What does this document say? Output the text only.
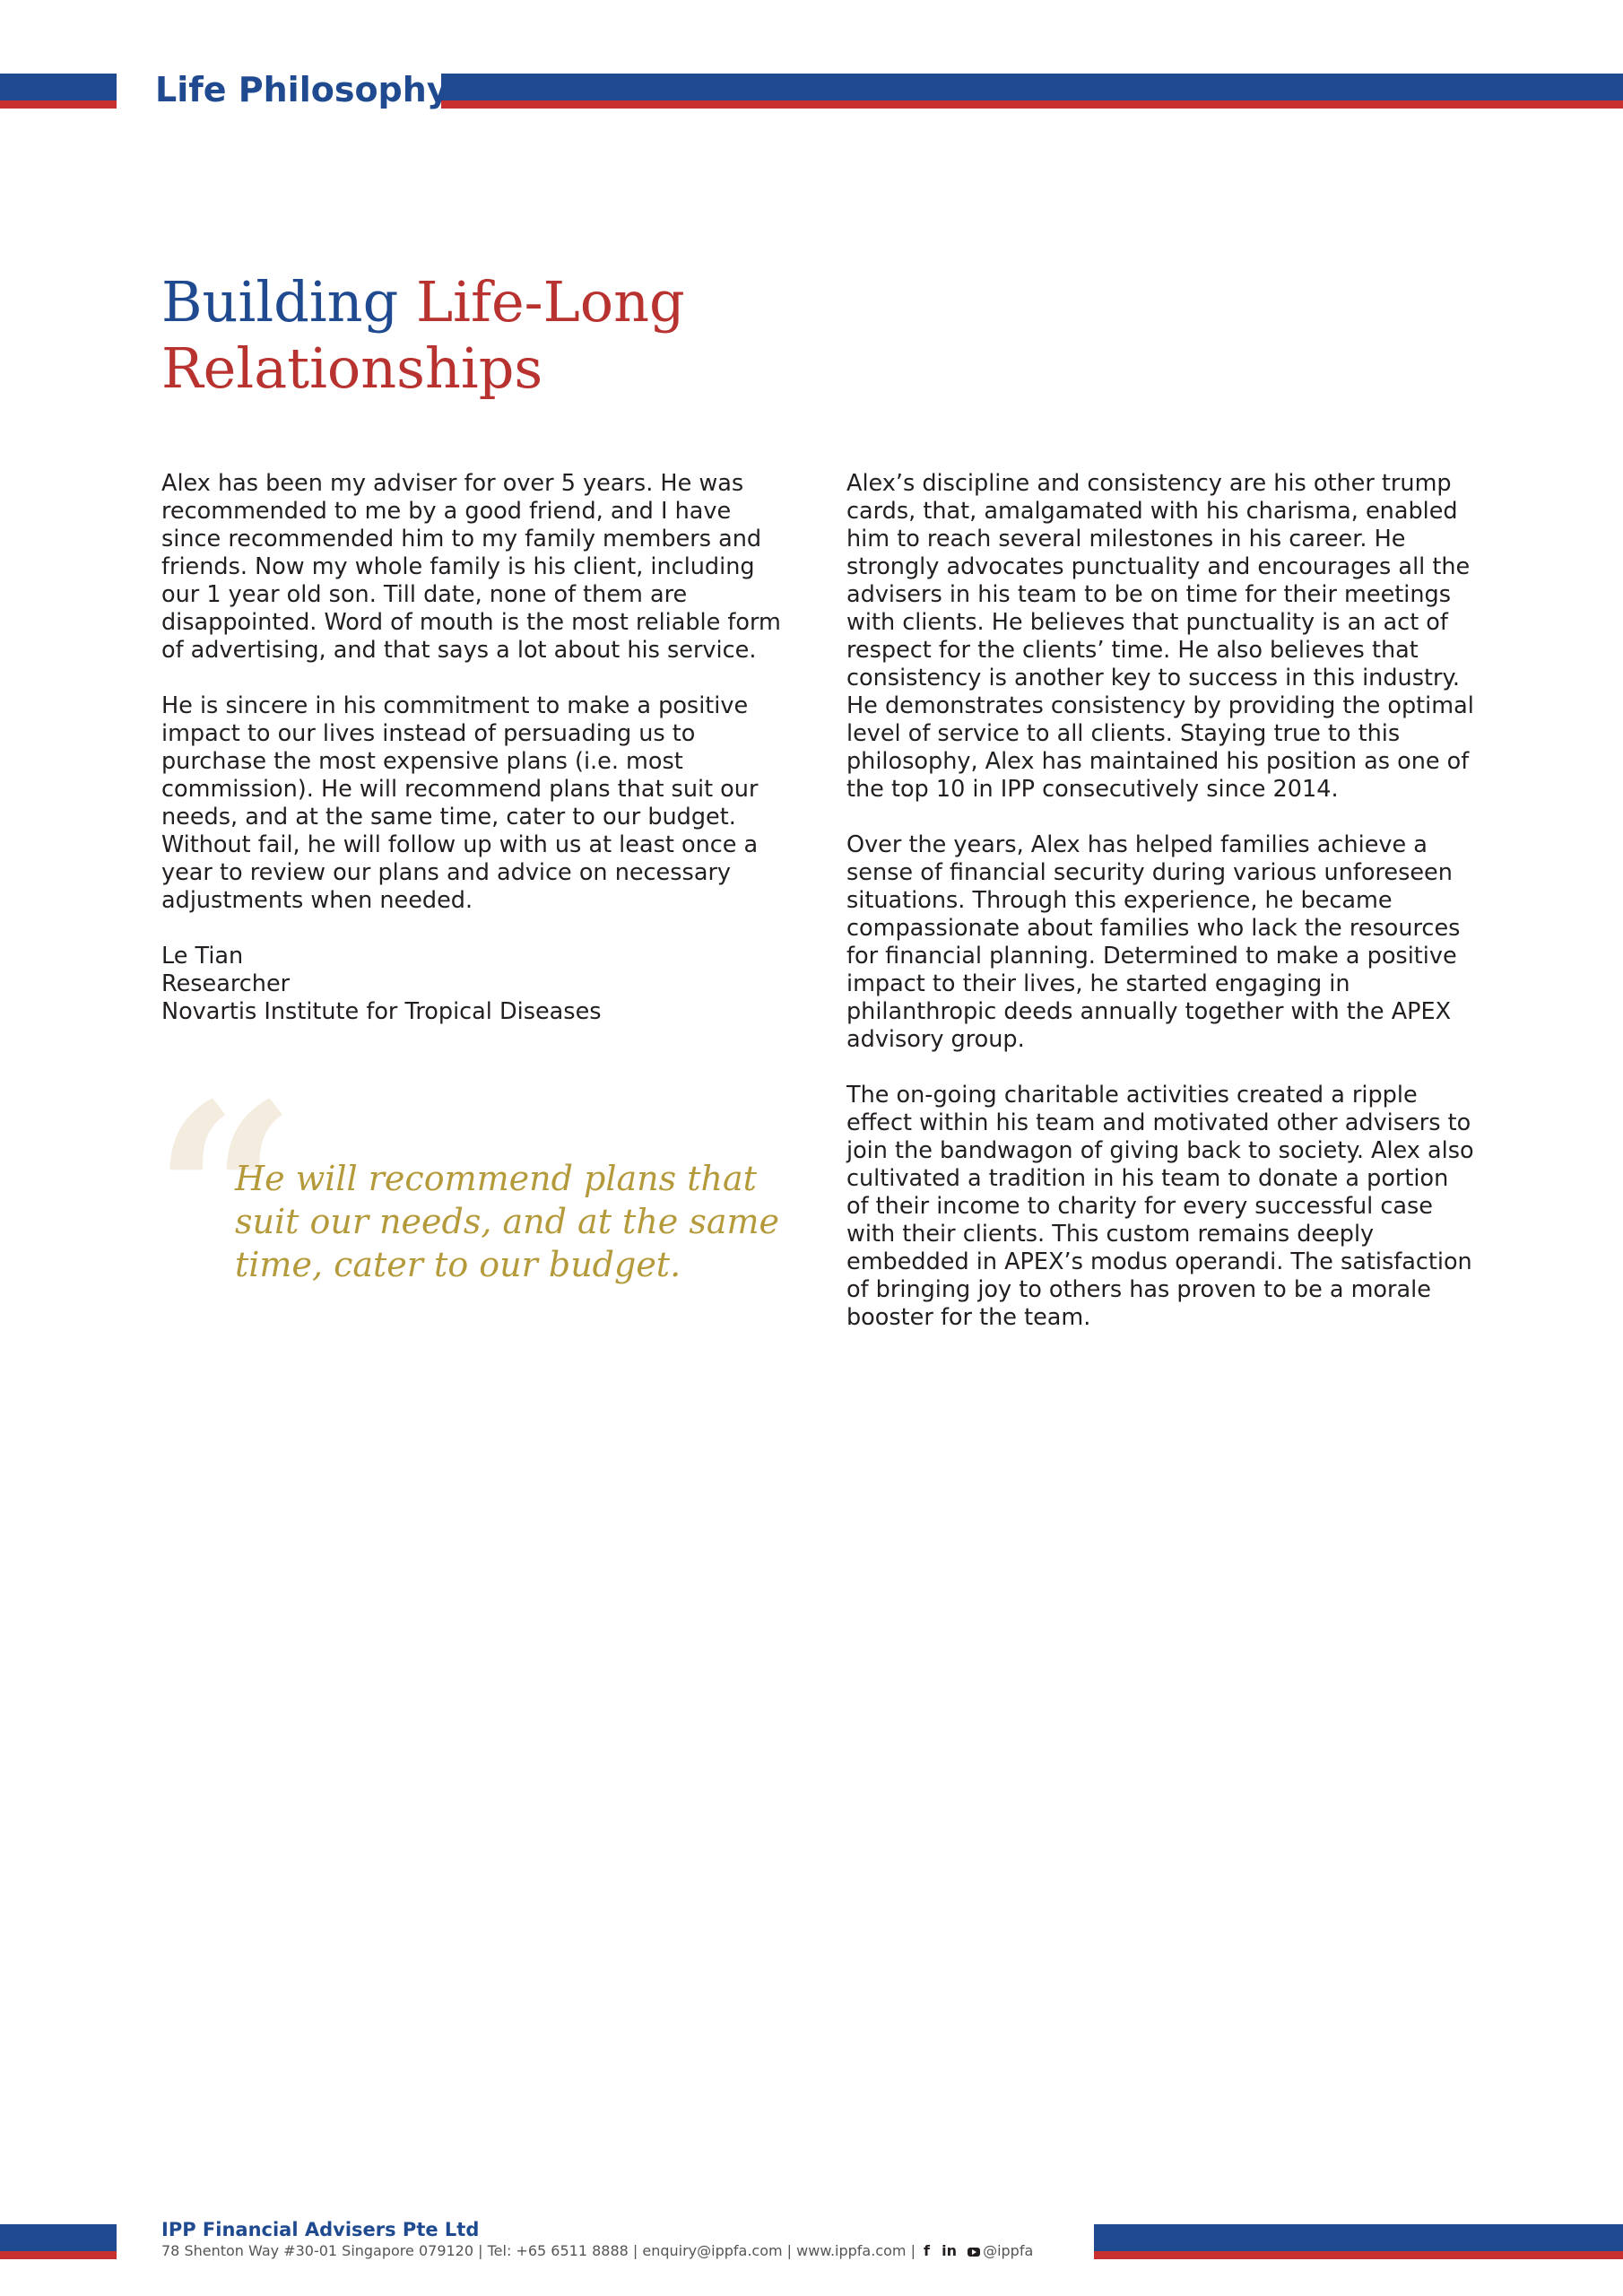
Life Philosophy
Building Life-Long
Relationships

Alex has been my adviser for over 5 years. He was recommended to me by a good friend, and I have since recommended him to my family members and friends. Now my whole family is his client, including our 1 year old son. Till date, none of them are disappointed. Word of mouth is the most reliable form of advertising, and that says a lot about his service.

He is sincere in his commitment to make a positive impact to our lives instead of persuading us to purchase the most expensive plans (i.e. most commission). He will recommend plans that suit our needs, and at the same time, cater to our budget. Without fail, he will follow up with us at least once a year to review our plans and advice on necessary adjustments when needed.

Le Tian
Researcher
Novartis Institute for Tropical Diseases

“

He will recommend plans that suit our needs, and at the same time, cater to our budget.

Alex’s discipline and consistency are his other trump cards, that, amalgamated with his charisma, enabled him to reach several milestones in his career. He strongly advocates punctuality and encourages all the advisers in his team to be on time for their meetings with clients. He believes that punctuality is an act of respect for the clients’ time. He also believes that consistency is another key to success in this industry. He demonstrates consistency by providing the optimal level of service to all clients. Staying true to this philosophy, Alex has maintained his position as one of the top 10 in IPP consecutively since 2014.

Over the years, Alex has helped families achieve a sense of financial security during various unforeseen situations. Through this experience, he became compassionate about families who lack the resources for financial planning. Determined to make a positive impact to their lives, he started engaging in philanthropic deeds annually together with the APEX advisory group.

The on-going charitable activities created a ripple effect within his team and motivated other advisers to join the bandwagon of giving back to society. Alex also cultivated a tradition in his team to donate a portion of their income to charity for every successful case with their clients. This custom remains deeply embedded in APEX’s modus operandi. The satisfaction of bringing joy to others has proven to be a morale booster for the team.

IPP Financial Advisers Pte Ltd
78 Shenton Way #30-01 Singapore 079120 | Tel: +65 6511 8888 | enquiry@ippfa.com | www.ippfa.com | f in @ippfa
